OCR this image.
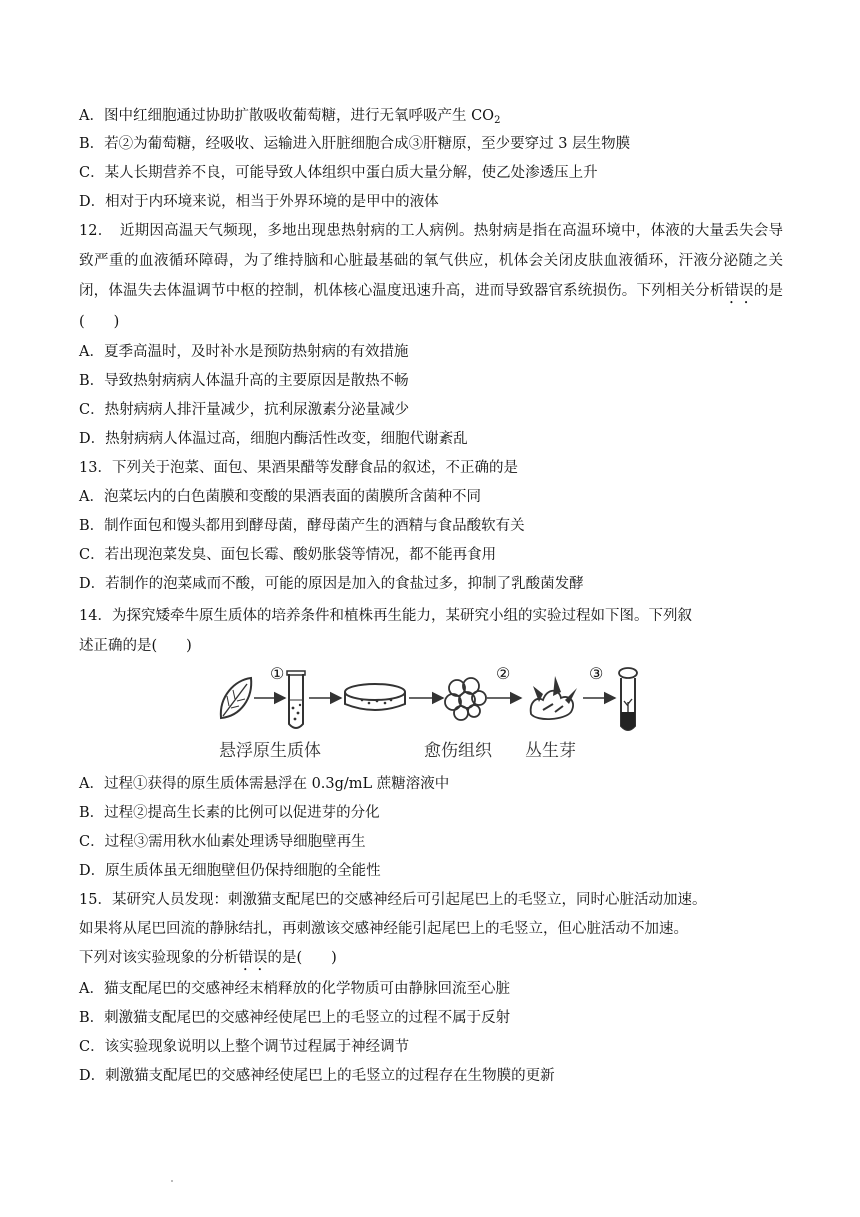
A．图中红细胞通过协助扩散吸收葡萄糖，进行无氧呼吸产生 $CO_2$
B．若②为葡萄糖，经吸收、运输进入肝脏细胞合成③肝糖原，至少要穿过 3 层生物膜
C．某人长期营养不良，可能导致人体组织中蛋白质大量分解，使乙处渗透压上升
D．相对于内环境来说，相当于外界环境的是甲中的液体
12．　近期因高温天气频现，多地出现患热射病的工人病例。热射病是指在高温环境中，体液的大量丢失会导致严重的血液循环障碍，为了维持脑和心脏最基础的氧气供应，机体会关闭皮肤血液循环，汗液分泌随之关闭，体温失去体温调节中枢的控制，机体核心温度迅速升高，进而导致器官系统损伤。下列相关分析错误的是(　　)
A．夏季高温时，及时补水是预防热射病的有效措施
B．导致热射病病人体温升高的主要原因是散热不畅
C．热射病病人排汗量减少，抗利尿激素分泌量减少
D．热射病病人体温过高，细胞内酶活性改变，细胞代谢紊乱
13．下列关于泡菜、面包、果酒果醋等发酵食品的叙述，不正确的是
A．泡菜坛内的白色菌膜和变酸的果酒表面的菌膜所含菌种不同
B．制作面包和馒头都用到酵母菌，酵母菌产生的酒精与食品酸软有关
C．若出现泡菜发臭、面包长霉、酸奶胀袋等情况，都不能再食用
D．若制作的泡菜咸而不酸，可能的原因是加入的食盐过多，抑制了乳酸菌发酵
14．为探究矮牵牛原生质体的培养条件和植株再生能力，某研究小组的实验过程如下图。下列叙
述正确的是(　　)
①	②	③
悬浮原生质体	愈伤组织 丛生芽
A．过程①获得的原生质体需悬浮在 0.3g/mL 蔗糖溶液中
B．过程②提高生长素的比例可以促进芽的分化
C．过程③需用秋水仙素处理诱导细胞壁再生
D．原生质体虽无细胞壁但仍保持细胞的全能性
15．某研究人员发现：刺激猫支配尾巴的交感神经后可引起尾巴上的毛竖立，同时心脏活动加速。
如果将从尾巴回流的静脉结扎，再刺激该交感神经能引起尾巴上的毛竖立，但心脏活动不加速。
下列对该实验现象的分析错误的是(　　)
A．猫支配尾巴的交感神经末梢释放的化学物质可由静脉回流至心脏
B．刺激猫支配尾巴的交感神经使尾巴上的毛竖立的过程不属于反射
C．该实验现象说明以上整个调节过程属于神经调节
D．刺激猫支配尾巴的交感神经使尾巴上的毛竖立的过程存在生物膜的更新
